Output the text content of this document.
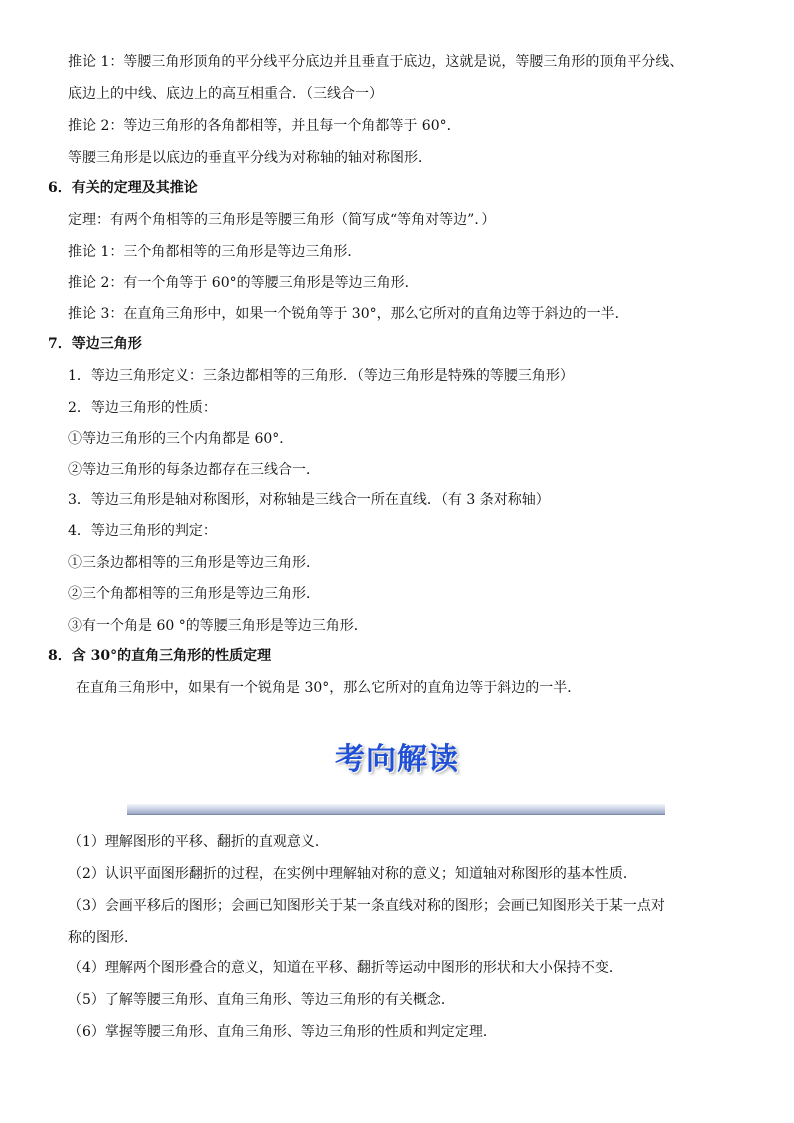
推论 1：等腰三角形顶角的平分线平分底边并且垂直于底边，这就是说，等腰三角形的顶角平分线、
底边上的中线、底边上的高互相重合．（三线合一）
推论 2：等边三角形的各角都相等，并且每一个角都等于 60°．
等腰三角形是以底边的垂直平分线为对称轴的轴对称图形．
6．有关的定理及其推论
定理：有两个角相等的三角形是等腰三角形（简写成“等角对等边”．）
推论 1：三个角都相等的三角形是等边三角形．
推论 2：有一个角等于 60°的等腰三角形是等边三角形．
推论 3：在直角三角形中，如果一个锐角等于 30°，那么它所对的直角边等于斜边的一半．
7．等边三角形
1．等边三角形定义：三条边都相等的三角形．（等边三角形是特殊的等腰三角形）
2．等边三角形的性质：
①等边三角形的三个内角都是 60°．
②等边三角形的每条边都存在三线合一．
3．等边三角形是轴对称图形，对称轴是三线合一所在直线．（有 3 条对称轴）
4．等边三角形的判定：
①三条边都相等的三角形是等边三角形．
②三个角都相等的三角形是等边三角形．
③有一个角是 60 °的等腰三角形是等边三角形．
8．含 30°的直角三角形的性质定理
在直角三角形中，如果有一个锐角是 30°，那么它所对的直角边等于斜边的一半．
考向解读
（1）理解图形的平移、翻折的直观意义．
（2）认识平面图形翻折的过程，在实例中理解轴对称的意义；知道轴对称图形的基本性质．
（3）会画平移后的图形；会画已知图形关于某一条直线对称的图形；会画已知图形关于某一点对
称的图形．
（4）理解两个图形叠合的意义，知道在平移、翻折等运动中图形的形状和大小保持不变．
（5）了解等腰三角形、直角三角形、等边三角形的有关概念．
（6）掌握等腰三角形、直角三角形、等边三角形的性质和判定定理．
